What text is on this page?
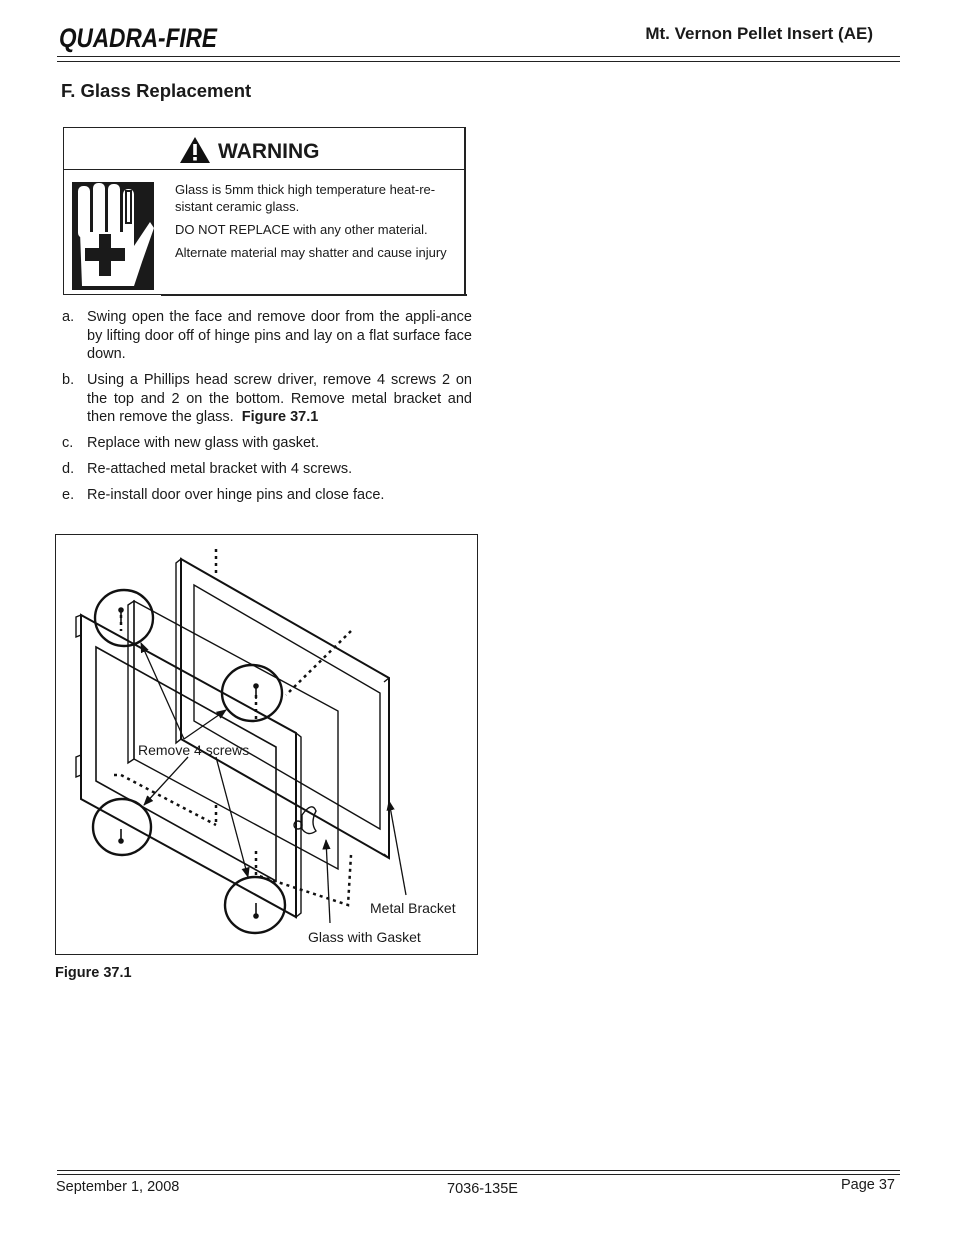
QUADRA-FIRE	Mt. Vernon Pellet Insert (AE)
F. Glass Replacement
WARNING

Glass is 5mm thick high temperature heat-re-sistant ceramic glass.

DO NOT REPLACE with any other material.

Alternate material may shatter and cause injury

a. Swing open the face and remove door from the appli-ance by lifting door off of hinge pins and lay on a flat surface face down.
b. Using a Phillips head screw driver, remove 4 screws 2 on the top and 2 on the bottom. Remove metal bracket and then remove the glass. Figure 37.1
c. Replace with new glass with gasket.
d. Re-attached metal bracket with 4 screws.
e. Re-install door over hinge pins and close face.
Remove 4 screws
Metal Bracket
Glass with Gasket
Figure 37.1
September 1, 2008	7036-135E	Page 37
